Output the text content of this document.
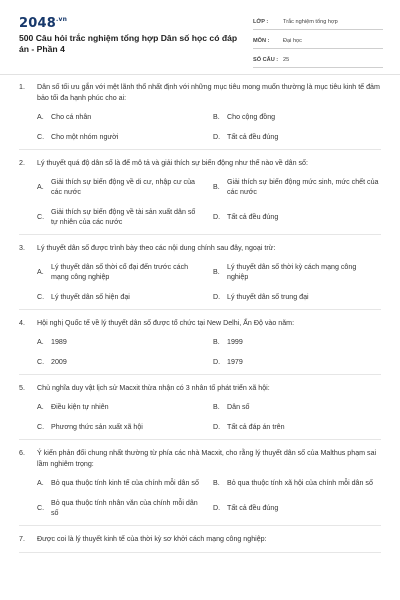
$2048^{.vn}$
500 Câu hỏi trắc nghiệm tổng hợp Dân số học có đáp án - Phần 4
LỚP :	Trắc nghiệm tổng hợp
MÔN :	Đại học
SỐ CÂU : 25
1.	Dân số tối ưu gắn với mệt lãnh thổ nhất định với những mục tiêu mong muốn thường là mục tiêu kinh tế đảm bảo tối đa hạnh phúc cho ai:
A.	Cho cá nhân	B.	Cho cộng đồng
C. Cho một nhóm người	D. Tất cả đều đúng
2.	Lý thuyết quá độ dân số là để mô tả và giải thích sự biến động như thế nào về dân số:
A.
Giải thích sự biến động về di cư, nhập cư của các nước
B.
Giải thích sự biến động mức sinh, mức chết của các nước
C.
Giải thích sự biến động về tài sản xuất dân số tự nhiên của các nước
D. Tất cả đều đúng
3.	Lý thuyết dân số được trình bày theo các nội dung chính sau đây, ngoại trừ:
A.
Lý thuyết dân số thời cổ đại đến trước cách mạng công nghiệp
B.
Lý thuyết dân số thời kỳ cách mạng công nghiệp
C. Lý thuyết dân số hiện đại	D. Lý thuyết dân số trung đại
4.	Hội nghị Quốc tế về lý thuyết dân số được tổ chức tại New Delhi, Ấn Độ vào năm:
A.	1989	B.	1999
C. 2009	D. 1979
5.	Chủ nghĩa duy vật lịch sử Macxit thừa nhận có 3 nhân tố phát triển xã hội:
A.	Điều kiện tự nhiên	B.	Dân số
C. Phương thức sản xuất xã hội	D. Tất cả đáp án trên
6.	Ý kiến phản đối chung nhất thường từ phía các nhà Macxit, cho rằng lý thuyết dân số của Malthus phạm sai lầm nghiêm trọng:
A.	Bỏ qua thuộc tính kinh tế của chính mỗi dân số	B.	Bỏ qua thuộc tính xã hội của chính mỗi dân số
C.
Bỏ qua thuộc tính nhân văn của chính mỗi dân số
D. Tất cả đều đúng
7.	Được coi là lý thuyết kinh tế của thời kỳ sơ khởi cách mạng công nghiệp:
